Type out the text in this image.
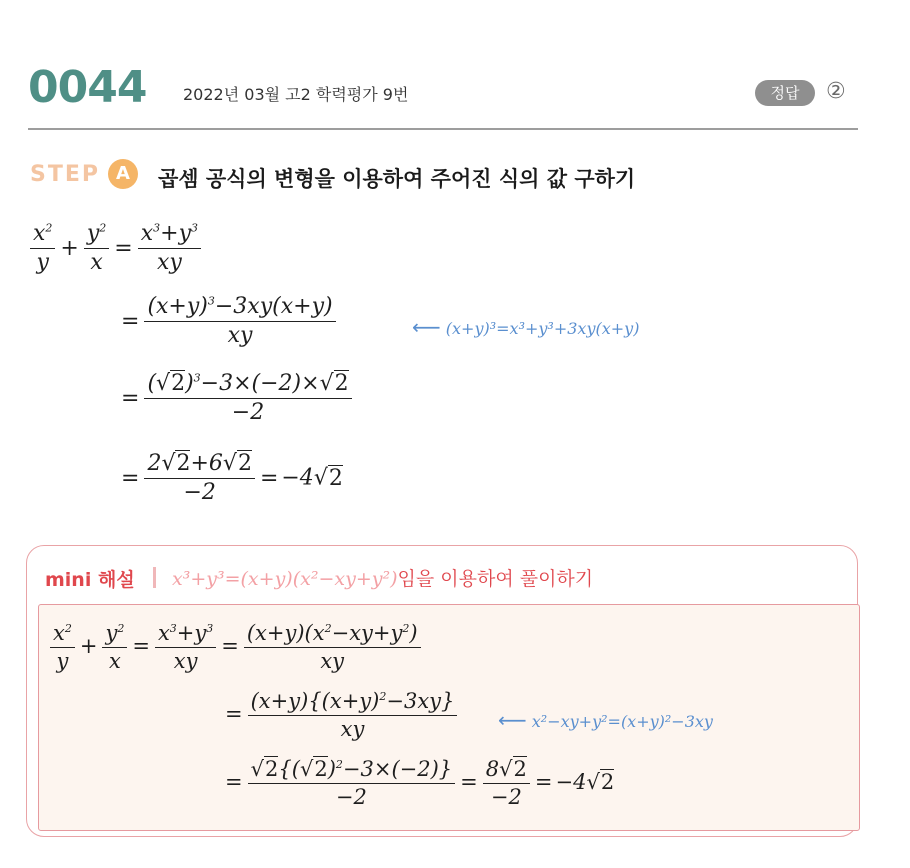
0044 2022년 03월 고2 학력평가 9번	정답	②
STEP A	곱셈 공식의 변형을 이용하여 주어진 식의 값 구하기
$\frac{x^2}{y} + \frac{y^2}{x} = \frac{x^3+y^3}{xy}$
= $\frac{(x+y)^3-3xy(x+y)}{xy}$	⟵ (x+y)³=x³+y³+3xy(x+y)
= $\frac{(√2)^3-3\times(-2)\times√2}{-2}$
= $\frac{2√2+6√2}{-2} = -4√2$
mini 해설 x³+y³=(x+y)(x²−xy+y²)임을 이용하여 풀이하기
$\frac{x^2}{y} + \frac{y^2}{x} = \frac{x^3+y^3}{xy} = \frac{(x+y)(x^2-xy+y^2)}{xy}$
= $\frac{(x+y)\{(x+y)^2-3xy\}}{xy}$ ⟵ x²−xy+y²=(x+y)²−3xy
= $\frac{√2\{(√2)^2-3\times(-2)\}}{-2} = \frac{8√2}{-2} = -4√2$
